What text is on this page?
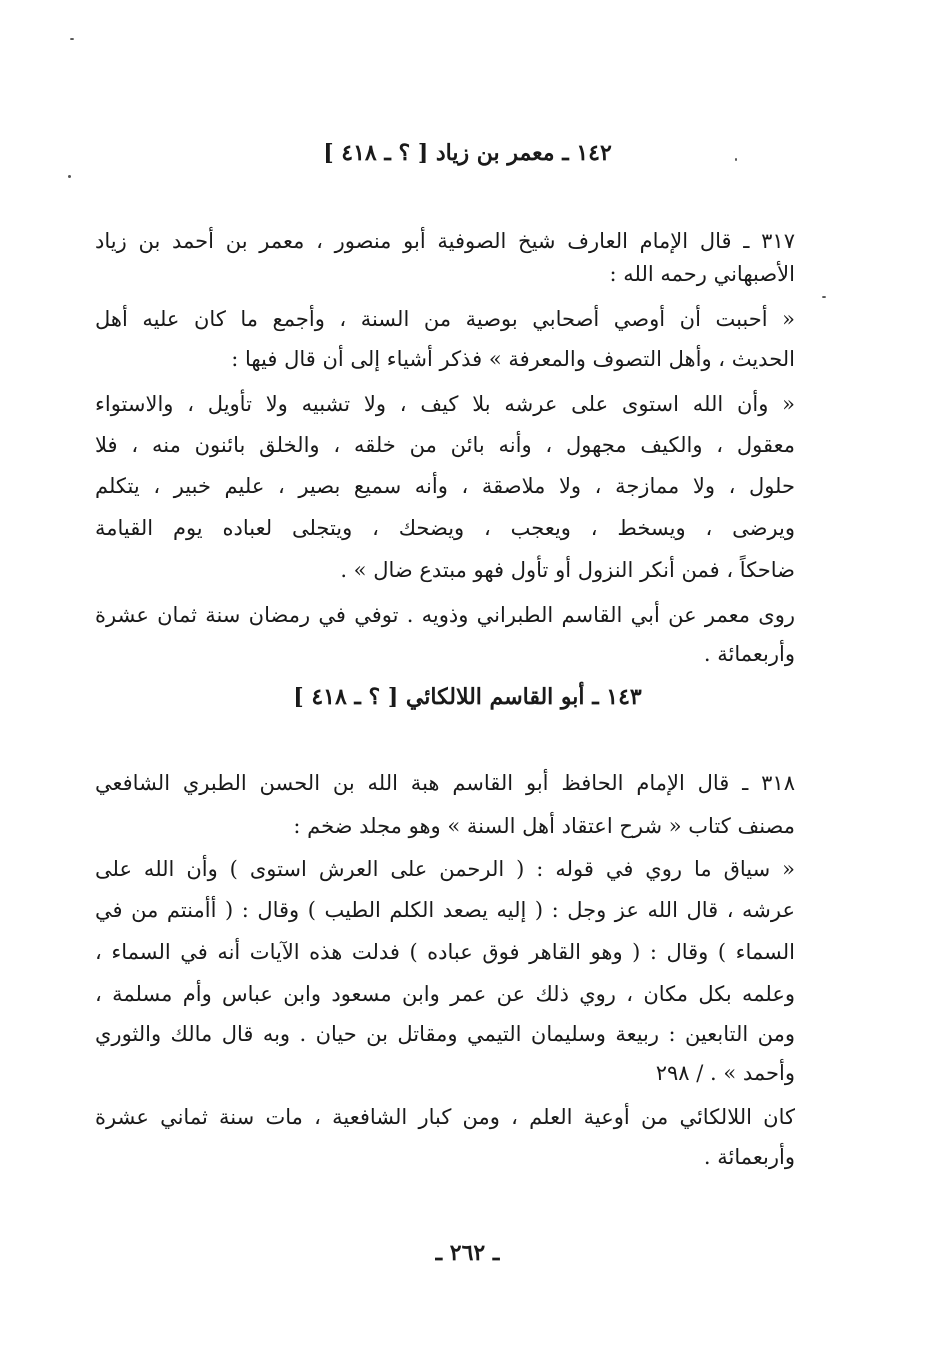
١٤٢ ـ معمر بن زياد [ ؟ ـ ٤١٨ ]
٣١٧ ـ قال الإمام العارف شيخ الصوفية أبو منصور ، معمر بن أحمد بن زياد
الأصبهاني رحمه الله :
« أحببت أن أوصي أصحابي بوصية من السنة ، وأجمع ما كان عليه أهل
الحديث ، وأهل التصوف والمعرفة » فذكر أشياء إلى أن قال فيها :
« وأن الله استوى على عرشه بلا كيف ، ولا تشبيه ولا تأويل ، والاستواء
معقول ، والكيف مجهول ، وأنه بائن من خلقه ، والخلق بائنون منه ، فلا
حلول ، ولا ممازجة ، ولا ملاصقة ، وأنه سميع بصير ، عليم خبير ، يتكلم
ويرضى ، ويسخط ، ويعجب ، ويضحك ، ويتجلى لعباده يوم القيامة
ضاحكاً ، فمن أنكر النزول أو تأول فهو مبتدع ضال » .
روى معمر عن أبي القاسم الطبراني وذويه . توفي في رمضان سنة ثمان عشرة
وأربعمائة .
١٤٣ ـ أبو القاسم اللالكائي [ ؟ ـ ٤١٨ ]
٣١٨ ـ قال الإمام الحافظ أبو القاسم هبة الله بن الحسن الطبري الشافعي
مصنف كتاب « شرح اعتقاد أهل السنة » وهو مجلد ضخم :
« سياق ما روي في قوله : ( الرحمن على العرش استوى ) وأن الله على
عرشه ، قال الله عز وجل : ( إليه يصعد الكلم الطيب ) وقال : ( أأمنتم من في
السماء ) وقال : ( وهو القاهر فوق عباده ) فدلت هذه الآيات أنه في السماء ،
وعلمه بكل مكان ، روي ذلك عن عمر وابن مسعود وابن عباس وأم مسلمة ،
ومن التابعين : ربيعة وسليمان التيمي ومقاتل بن حيان . وبه قال مالك والثوري
وأحمد » . / ٢٩٨
كان اللالكائي من أوعية العلم ، ومن كبار الشافعية ، مات سنة ثماني عشرة
وأربعمائة .
ـ ٢٦٢ ـ
